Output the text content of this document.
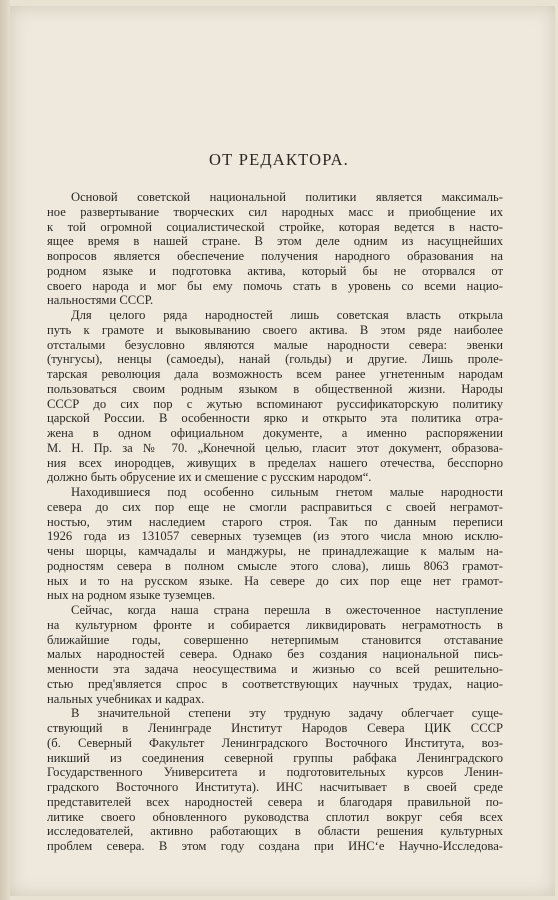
ОТ РЕДАКТОРА.
Основой советской национальной политики является максималь-
ное развертывание творческих сил народных масс и приобщение их
к той огромной социалистической стройке, которая ведется в насто-
ящее время в нашей стране. В этом деле одним из насущнейших
вопросов является обеспечение получения народного образования на
родном языке и подготовка актива, который бы не оторвался от
своего народа и мог бы ему помочь стать в уровень со всеми нацио-
нальностями СССР.
Для целого ряда народностей лишь советская власть открыла
путь к грамоте и выковыванию своего актива. В этом ряде наиболее
отсталыми безусловно являются малые народности севера: эвенки
(тунгусы), ненцы (самоеды), нанай (гольды) и другие. Лишь проле-
тарская революция дала возможность всем ранее угнетенным народам
пользоваться своим родным языком в общественной жизни. Народы
СССР до сих пор с жутью вспоминают руссификаторскую политику
царской России. В особенности ярко и открыто эта политика отра-
жена в одном официальном документе, а именно распоряжении
М. Н. Пр. за № 70. „Конечной целью, гласит этот документ, образова-
ния всех инородцев, живущих в пределах нашего отечества, бесспорно
должно быть обрусение их и смешение с русским народом“.
Находившиеся под особенно сильным гнетом малые народности
севера до сих пор еще не смогли расправиться с своей неграмот-
ностью, этим наследием старого строя. Так по данным переписи
1926 года из 131057 северных туземцев (из этого числа мною исклю-
чены шорцы, камчадалы и манджуры, не принадлежащие к малым на-
родностям севера в полном смысле этого слова), лишь 8063 грамот-
ных и то на русском языке. На севере до сих пор еще нет грамот-
ных на родном языке туземцев.
Сейчас, когда наша страна перешла в ожесточенное наступление
на культурном фронте и собирается ликвидировать неграмотность в
ближайшие годы, совершенно нетерпимым становится отставание
малых народностей севера. Однако без создания национальной пись-
менности эта задача неосуществима и жизнью со всей решительно-
стью пред'является спрос в соответствующих научных трудах, нацио-
нальных учебниках и кадрах.
В значительной степени эту трудную задачу облегчает суще-
ствующий в Ленинграде Институт Народов Севера ЦИК СССР
(б. Северный Факультет Ленинградского Восточного Института, воз-
никший из соединения северной группы рабфака Ленинградского
Государственного Университета и подготовительных курсов Ленин-
градского Восточного Института). ИНС насчитывает в своей среде
представителей всех народностей севера и благодаря правильной по-
литике своего обновленного руководства сплотил вокруг себя всех
исследователей, активно работающих в области решения культурных
проблем севера. В этом году создана при ИНС‘е Научно-Исследова-
